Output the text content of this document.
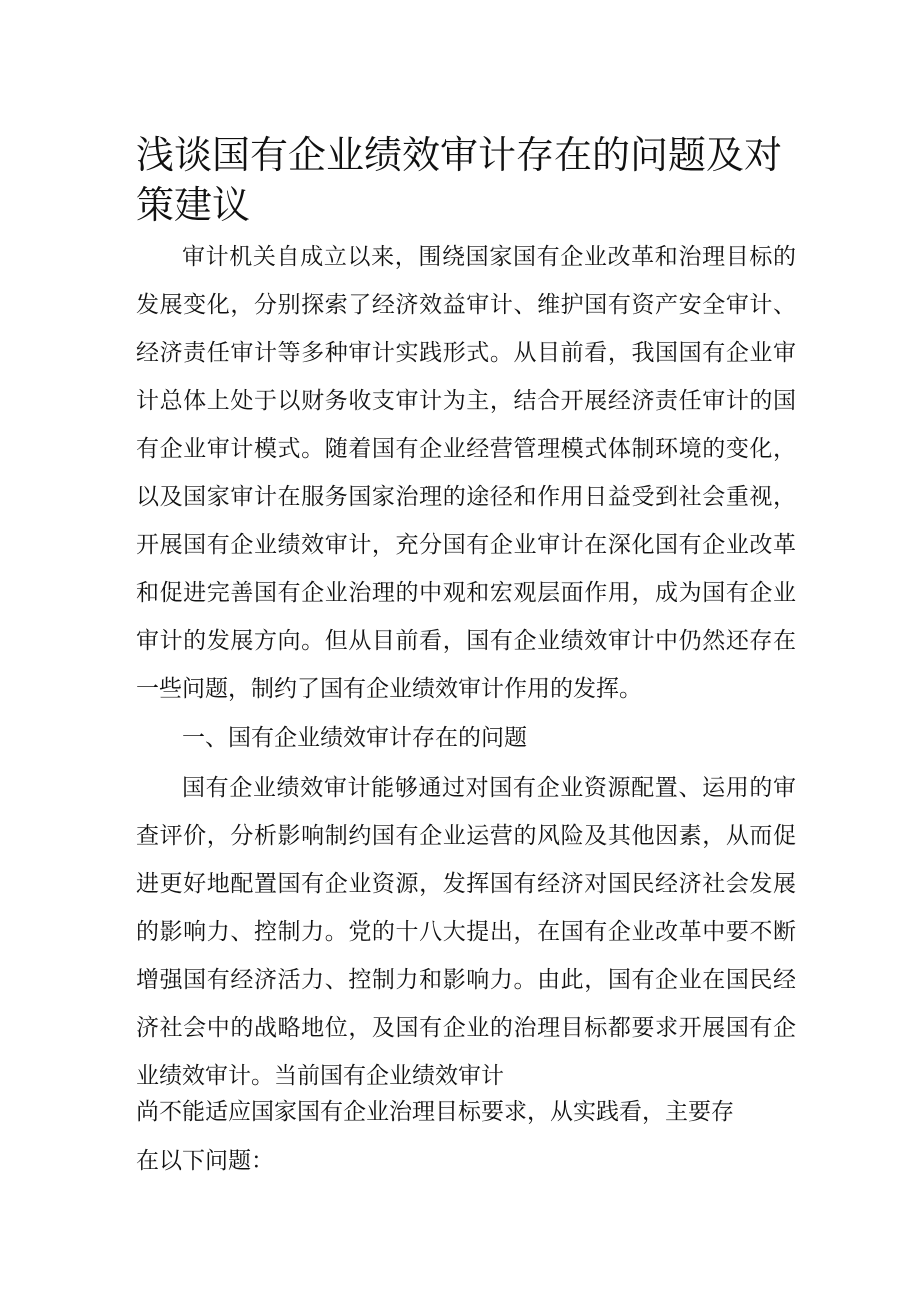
浅谈国有企业绩效审计存在的问题及对策建议

审计机关自成立以来，围绕国家国有企业改革和治理目标的发展变化，分别探索了经济效益审计、维护国有资产安全审计、经济责任审计等多种审计实践形式。从目前看，我国国有企业审计总体上处于以财务收支审计为主，结合开展经济责任审计的国有企业审计模式。随着国有企业经营管理模式体制环境的变化，以及国家审计在服务国家治理的途径和作用日益受到社会重视，开展国有企业绩效审计，充分国有企业审计在深化国有企业改革和促进完善国有企业治理的中观和宏观层面作用，成为国有企业审计的发展方向。但从目前看，国有企业绩效审计中仍然还存在一些问题，制约了国有企业绩效审计作用的发挥。

一、国有企业绩效审计存在的问题

国有企业绩效审计能够通过对国有企业资源配置、运用的审查评价，分析影响制约国有企业运营的风险及其他因素，从而促进更好地配置国有企业资源，发挥国有经济对国民经济社会发展的影响力、控制力。党的十八大提出，在国有企业改革中要不断增强国有经济活力、控制力和影响力。由此，国有企业在国民经济社会中的战略地位，及国有企业的治理目标都要求开展国有企业绩效审计。当前国有企业绩效审计

尚不能适应国家国有企业治理目标要求，从实践看，主要存

在以下问题：
